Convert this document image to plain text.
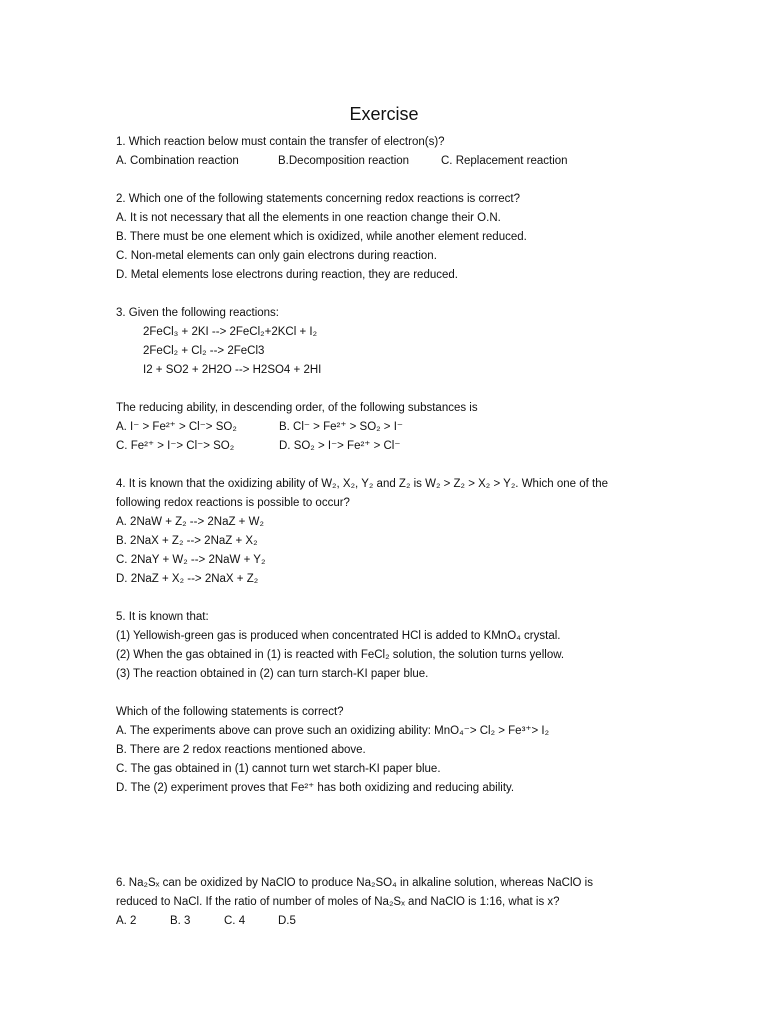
Exercise
1. Which reaction below must contain the transfer of electron(s)?
A. Combination reaction	B.Decomposition reaction	C. Replacement reaction
2. Which one of the following statements concerning redox reactions is correct?
A. It is not necessary that all the elements in one reaction change their O.N.
B. There must be one element which is oxidized, while another element reduced.
C. Non-metal elements can only gain electrons during reaction.
D. Metal elements lose electrons during reaction, they are reduced.
3. Given the following reactions:
2FeCl₃ + 2KI --> 2FeCl₂+2KCl + I₂
2FeCl₂ + Cl₂ --> 2FeCl3
I2 + SO2 + 2H2O --> H2SO4 + 2HI
The reducing ability, in descending order, of the following substances is
A. I⁻ > Fe²⁺ > Cl⁻> SO₂	B. Cl⁻ > Fe²⁺ > SO₂ > I⁻
C. Fe²⁺ > I⁻> Cl⁻> SO₂	D. SO₂ > I⁻> Fe²⁺ > Cl⁻
4. It is known that the oxidizing ability of W₂, X₂, Y₂ and Z₂ is W₂ > Z₂ > X₂ > Y₂. Which one of the
following redox reactions is possible to occur?
A. 2NaW + Z₂ --> 2NaZ + W₂
B. 2NaX + Z₂ --> 2NaZ + X₂
C. 2NaY + W₂ --> 2NaW + Y₂
D. 2NaZ + X₂ --> 2NaX + Z₂
5. It is known that:
(1) Yellowish-green gas is produced when concentrated HCl is added to KMnO₄ crystal.
(2) When the gas obtained in (1) is reacted with FeCl₂ solution, the solution turns yellow.
(3) The reaction obtained in (2) can turn starch-KI paper blue.
Which of the following statements is correct?
A. The experiments above can prove such an oxidizing ability: MnO₄⁻> Cl₂ > Fe³⁺> I₂
B. There are 2 redox reactions mentioned above.
C. The gas obtained in (1) cannot turn wet starch-KI paper blue.
D. The (2) experiment proves that Fe²⁺ has both oxidizing and reducing ability.
6. Na₂Sₓ can be oxidized by NaClO to produce Na₂SO₄ in alkaline solution, whereas NaClO is
reduced to NaCl. If the ratio of number of moles of Na₂Sₓ and NaClO is 1:16, what is x?
A. 2	B. 3	C. 4	D.5
